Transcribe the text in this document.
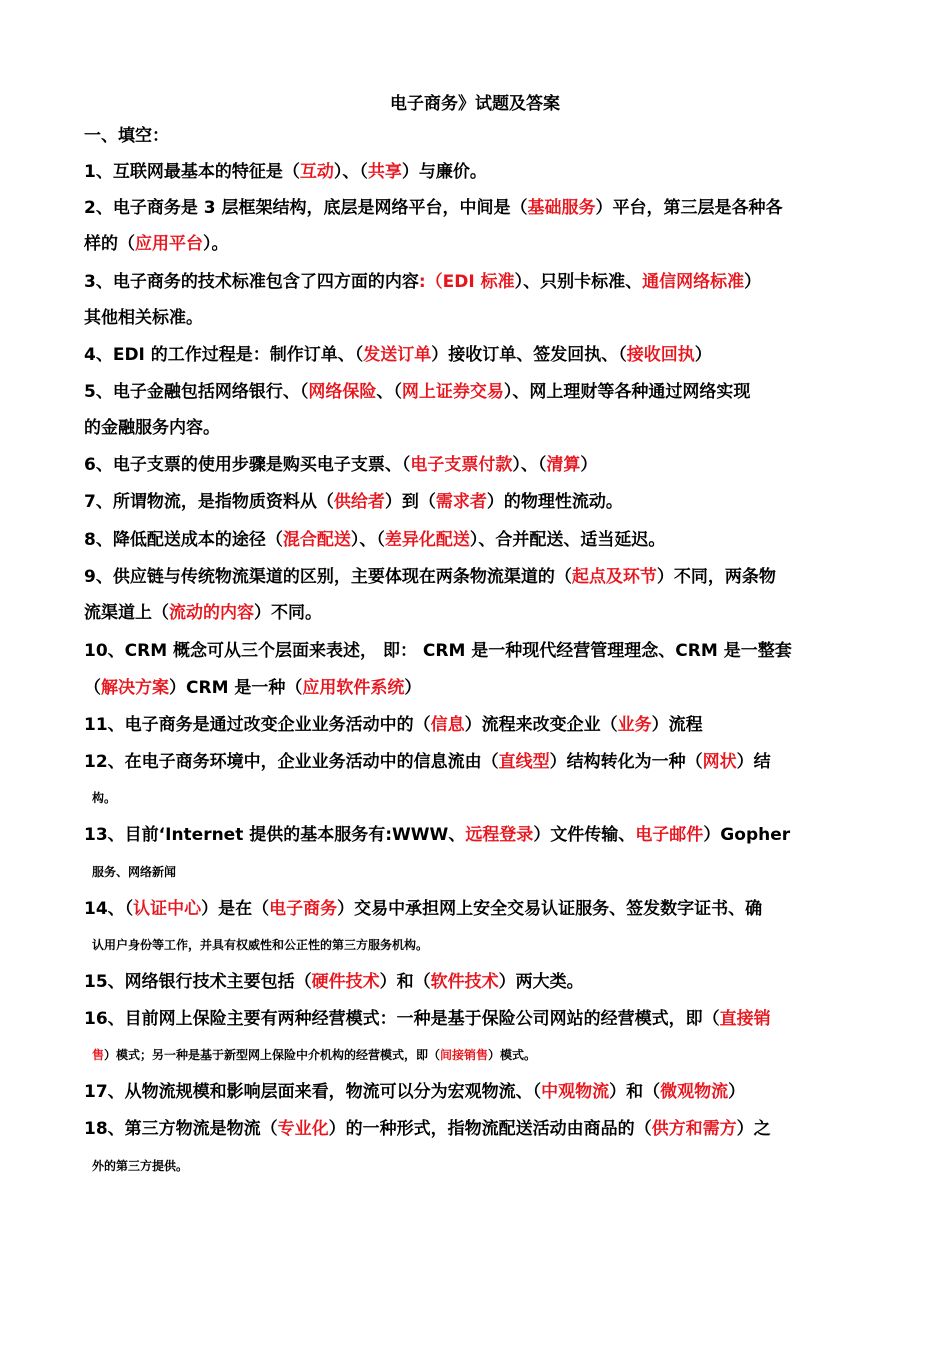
电子商务》试题及答案

一、填空：

1、互联网最基本的特征是（互动）、（共享）与廉价。

2、电子商务是 3 层框架结构，底层是网络平台，中间是（基础服务）平台，第三层是各种各

样的（应用平台）。

3、电子商务的技术标准包含了四方面的内容:（EDI 标准）、只别卡标准、通信网络标准）

其他相关标准。

4、EDI 的工作过程是：制作订单、（发送订单）接收订单、签发回执、（接收回执）

5、电子金融包括网络银行、（网络保险、（网上证券交易）、网上理财等各种通过网络实现

的金融服务内容。

6、电子支票的使用步骤是购买电子支票、（电子支票付款）、（清算）

7、所谓物流，是指物质资料从（供给者）到（需求者）的物理性流动。

8、降低配送成本的途径（混合配送）、（差异化配送）、合并配送、适当延迟。

9、供应链与传统物流渠道的区别，主要体现在两条物流渠道的（起点及环节）不同，两条物

流渠道上（流动的内容）不同。

10、CRM 概念可从三个层面来表述， 即： CRM 是一种现代经营管理理念、CRM 是一整套

（解决方案）CRM 是一种（应用软件系统）

11、电子商务是通过改变企业业务活动中的（信息）流程来改变企业（业务）流程

12、在电子商务环境中，企业业务活动中的信息流由（直线型）结构转化为一种（网状）结

构。

13、目前‘Internet 提供的基本服务有:WWW、远程登录）文件传输、电子邮件）Gopher

服务、网络新闻

14、（认证中心）是在（电子商务）交易中承担网上安全交易认证服务、签发数字证书、确

认用户身份等工作，并具有权威性和公正性的第三方服务机构。

15、网络银行技术主要包括（硬件技术）和（软件技术）两大类。

16、目前网上保险主要有两种经营模式：一种是基于保险公司网站的经营模式，即（直接销

售）模式；另一种是基于新型网上保险中介机构的经营模式，即（间接销售）模式。

17、从物流规模和影响层面来看，物流可以分为宏观物流、（中观物流）和（微观物流）

18、第三方物流是物流（专业化）的一种形式，指物流配送活动由商品的（供方和需方）之

外的第三方提供。
